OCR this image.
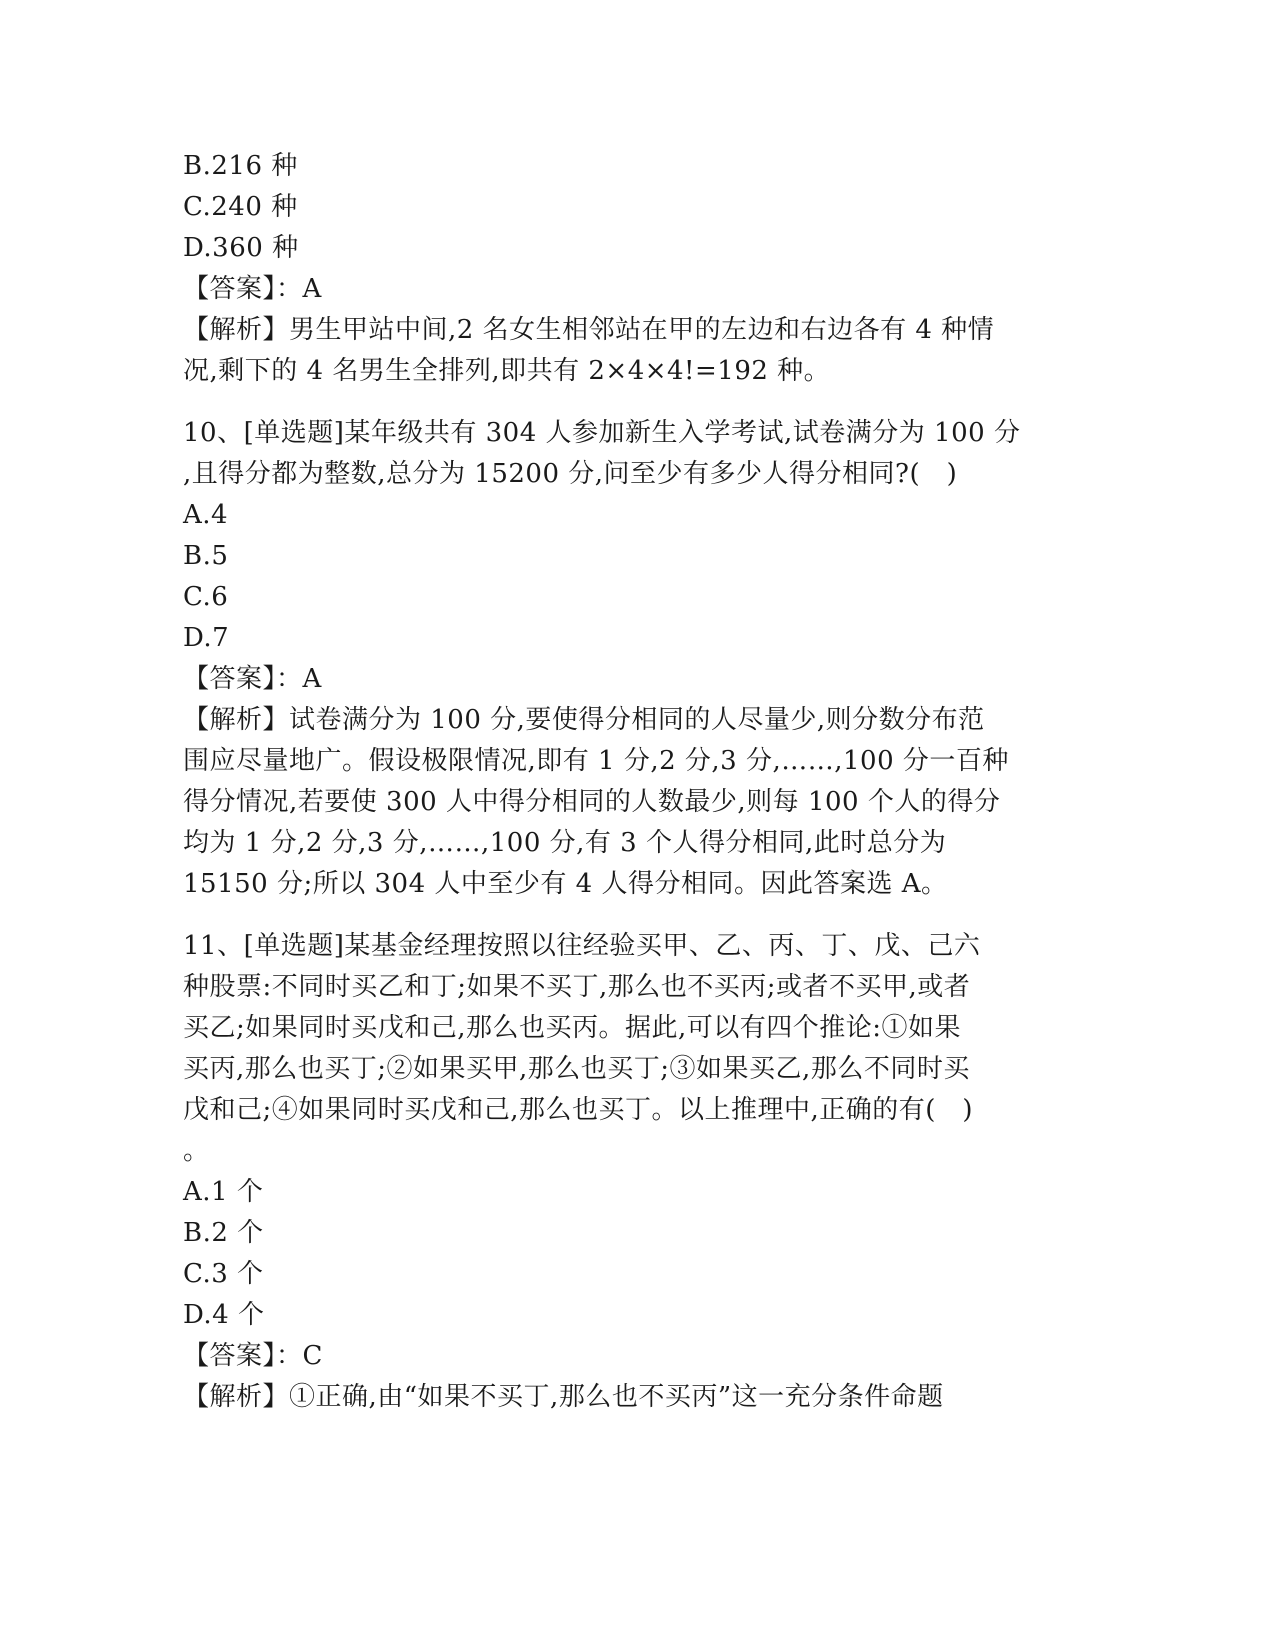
B.216 种
C.240 种
D.360 种
【答案】：A
【解析】男生甲站中间,2 名女生相邻站在甲的左边和右边各有 4 种情
况,剩下的 4 名男生全排列,即共有 2×4×4!=192 种。
10、[单选题]某年级共有 304 人参加新生入学考试,试卷满分为 100 分
,且得分都为整数,总分为 15200 分,问至少有多少人得分相同?(　)
A.4
B.5
C.6
D.7
【答案】：A
【解析】试卷满分为 100 分,要使得分相同的人尽量少,则分数分布范
围应尽量地广。假设极限情况,即有 1 分,2 分,3 分,……,100 分一百种
得分情况,若要使 300 人中得分相同的人数最少,则每 100 个人的得分
均为 1 分,2 分,3 分,……,100 分,有 3 个人得分相同,此时总分为
15150 分;所以 304 人中至少有 4 人得分相同。因此答案选 A。
11、[单选题]某基金经理按照以往经验买甲、乙、丙、丁、戊、己六
种股票:不同时买乙和丁;如果不买丁,那么也不买丙;或者不买甲,或者
买乙;如果同时买戊和己,那么也买丙。据此,可以有四个推论:①如果
买丙,那么也买丁;②如果买甲,那么也买丁;③如果买乙,那么不同时买
戊和己;④如果同时买戊和己,那么也买丁。以上推理中,正确的有(　)
。
A.1 个
B.2 个
C.3 个
D.4 个
【答案】：C
【解析】①正确,由“如果不买丁,那么也不买丙”这一充分条件命题
